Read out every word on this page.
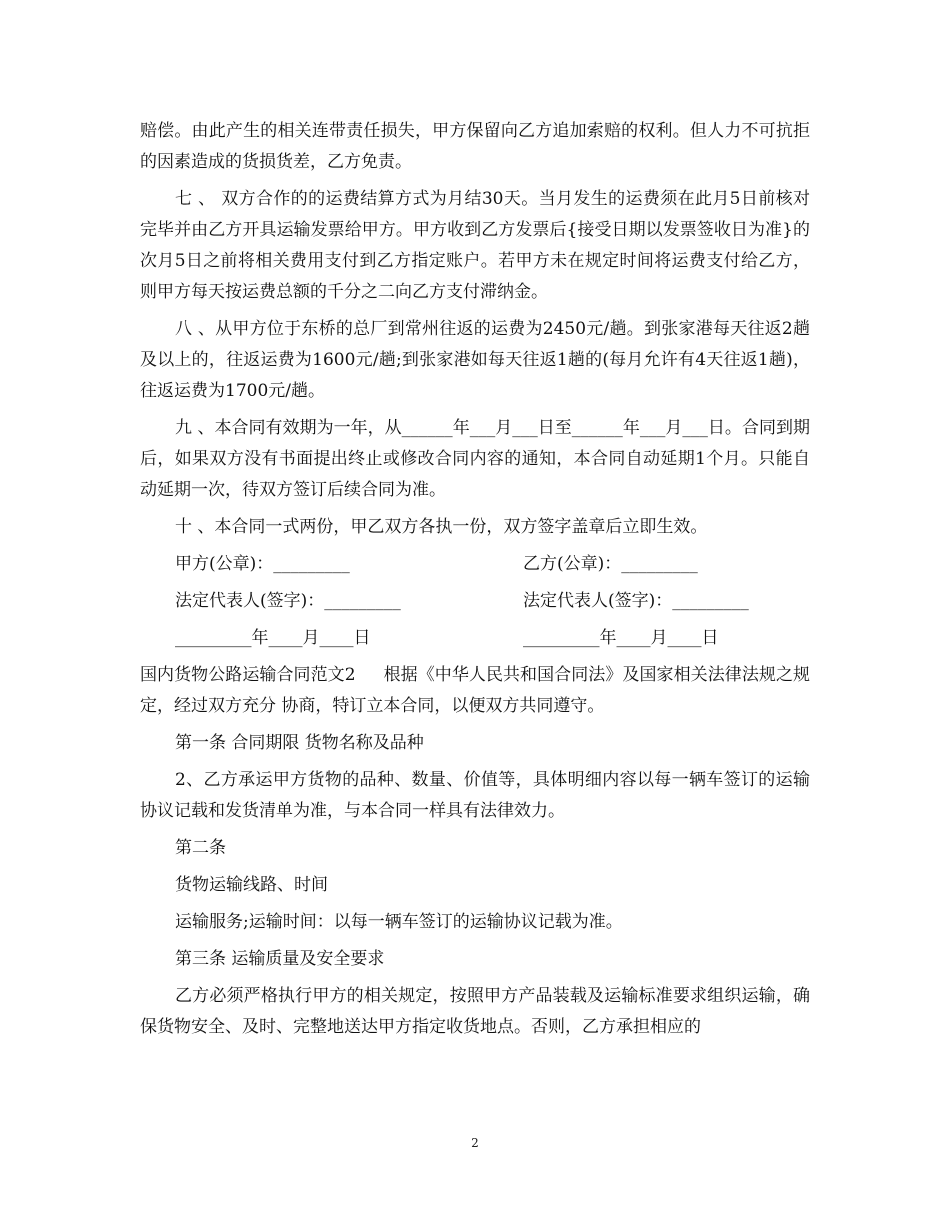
赔偿。由此产生的相关连带责任损失，甲方保留向乙方追加索赔的权利。但人力不可抗拒的因素造成的货损货差，乙方免责。

七 、 双方合作的的运费结算方式为月结30天。当月发生的运费须在此月5日前核对完毕并由乙方开具运输发票给甲方。甲方收到乙方发票后{接受日期以发票签收日为准}的次月5日之前将相关费用支付到乙方指定账户。若甲方未在规定时间将运费支付给乙方，则甲方每天按运费总额的千分之二向乙方支付滞纳金。

八 、从甲方位于东桥的总厂到常州往返的运费为2450元/趟。到张家港每天往返2趟及以上的，往返运费为1600元/趟;到张家港如每天往返1趟的(每月允许有4天往返1趟)，往返运费为1700元/趟。

九 、本合同有效期为一年，从______年___月___日至______年___月___日。合同到期后，如果双方没有书面提出终止或修改合同内容的通知，本合同自动延期1个月。只能自动延期一次，待双方签订后续合同为准。

十 、本合同一式两份，甲乙双方各执一份，双方签字盖章后立即生效。

甲方(公章)：_________	乙方(公章)：_________
法定代表人(签字)：_________	法定代表人(签字)：_________
_________年____月____日	_________年____月____日

国内货物公路运输合同范文2 根据《中华人民共和国合同法》及国家相关法律法规之规定，经过双方充分 协商，特订立本合同，以便双方共同遵守。

第一条 合同期限 货物名称及品种

2、乙方承运甲方货物的品种、数量、价值等，具体明细内容以每一辆车签订的运输协议记载和发货清单为准，与本合同一样具有法律效力。

第二条

货物运输线路、时间

运输服务;运输时间：以每一辆车签订的运输协议记载为准。

第三条 运输质量及安全要求

乙方必须严格执行甲方的相关规定，按照甲方产品装载及运输标准要求组织运输，确保货物安全、及时、完整地送达甲方指定收货地点。否则，乙方承担相应的

2
